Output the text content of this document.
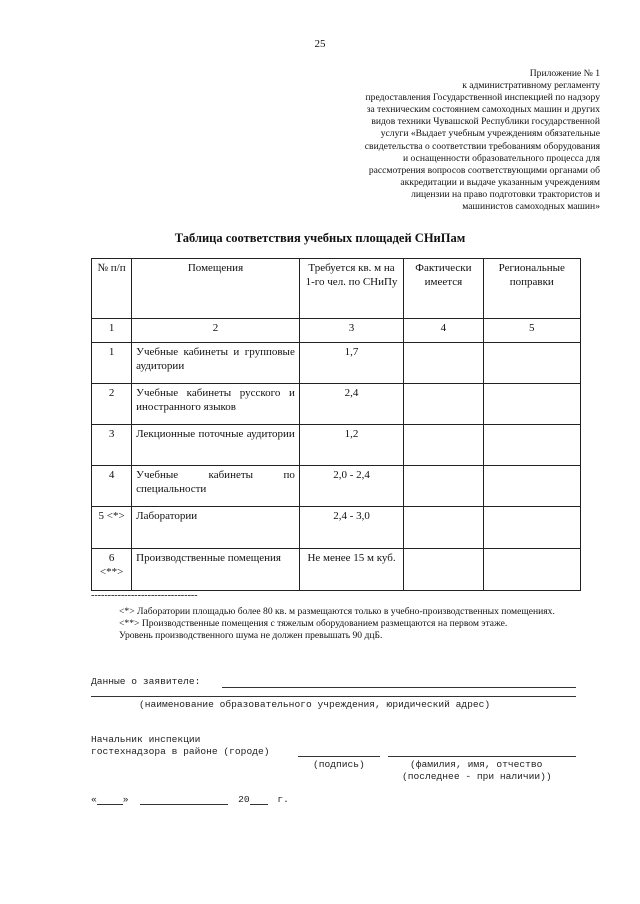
25
Приложение № 1
к административному регламенту
предоставления Государственной инспекцией по надзору
за техническим состоянием самоходных машин и других
видов техники Чувашской Республики государственной
услуги «Выдает учебным учреждениям обязательные
свидетельства о соответствии требованиям оборудования
и оснащенности образовательного процесса для
рассмотрения вопросов соответствующими органами об
аккредитации и выдаче указанным учреждениям
лицензии на право подготовки трактористов и
машинистов самоходных машин»
Таблица соответствия учебных площадей СНиПам
№ п/п	Помещения	Требуется кв. м на 1-го чел. по СНиПу	Фактически имеется	Региональные поправки
1	2	3	4	5
1	Учебные кабинеты и групповые аудитории	1,7		
2	Учебные кабинеты русского и иностранного языков	2,4		
3	Лекционные поточные аудитории	1,2		
4	Учебные кабинеты по специальности	2,0 - 2,4		
5 <*>	Лаборатории	2,4 - 3,0		
6 <**>	Производственные помещения	Не менее 15 м куб.		
--------------------------------

<*> Лаборатории площадью более 80 кв. м размещаются только в учебно-производственных помещениях.

<**> Производственные помещения с тяжелым оборудованием размещаются на первом этаже.

Уровень производственного шума не должен превышать 90 дцБ.

Данные о заявителе:
(наименование образовательного учреждения, юридический адрес)
Начальник инспекции
гостехнадзора в районе (городе)
(подпись)	(фамилия, имя, отчество
(последнее - при наличии))
«	»	20	г.
